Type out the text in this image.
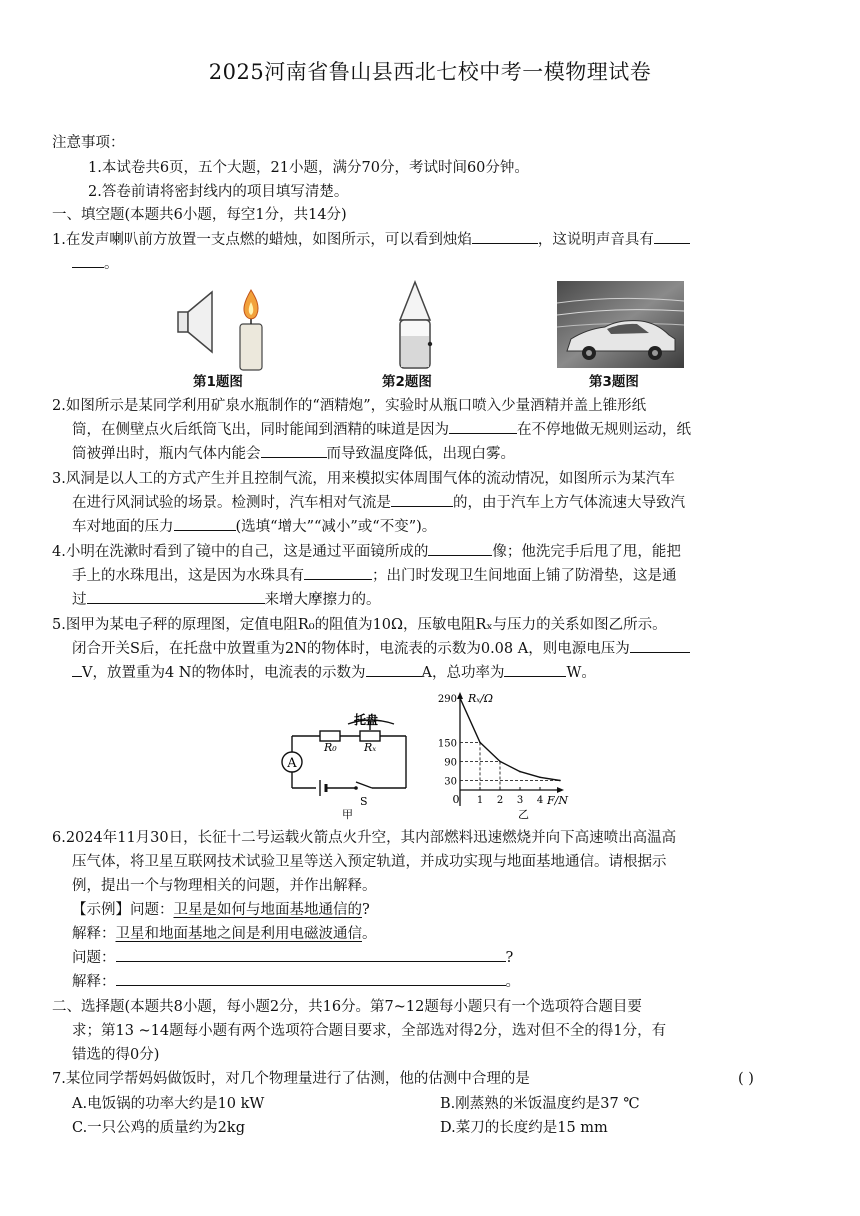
2025河南省鲁山县西北七校中考一模物理试卷
注意事项：
1.本试卷共6页，五个大题，21小题，满分70分，考试时间60分钟。
2.答卷前请将密封线内的项目填写清楚。
一、填空题(本题共6小题，每空1分，共14分)
1.在发声喇叭前方放置一支点燃的蜡烛，如图所示，可以看到烛焰	，这说明声音具有
。
第1题图	第2题图	第3题图
2.如图所示是某同学利用矿泉水瓶制作的“酒精炮”，实验时从瓶口喷入少量酒精并盖上锥形纸
筒，在侧壁点火后纸筒飞出，同时能闻到酒精的味道是因为	在不停地做无规则运动，纸
筒被弹出时，瓶内气体内能会	而导致温度降低，出现白雾。
3.风洞是以人工的方式产生并且控制气流，用来模拟实体周围气体的流动情况，如图所示为某汽车
在进行风洞试验的场景。检测时，汽车相对气流是	的，由于汽车上方气体流速大导致汽
车对地面的压力	(选填“增大”“减小”或“不变”)。
4.小明在洗漱时看到了镜中的自己，这是通过平面镜所成的	像；他洗完手后甩了甩，能把
手上的水珠甩出，这是因为水珠具有	；出门时发现卫生间地面上铺了防滑垫，这是通
过	来增大摩擦力的。
5.图甲为某电子秤的原理图，定值电阻R₀的阻值为10Ω，压敏电阻Rₓ与压力的关系如图乙所示。
闭合开关S后，在托盘中放置重为2N的物体时，电流表的示数为0.08 A，则电源电压为
V，放置重为4 N的物体时，电流表的示数为	A，总功率为	W。
A
R₀ Rₓ
托盘
S
甲
Rₓ/Ω
F/N
0
乙
30
90
150
290
1 2 3 4
6.2024年11月30日，长征十二号运载火箭点火升空，其内部燃料迅速燃烧并向下高速喷出高温高
压气体，将卫星互联网技术试验卫星等送入预定轨道，并成功实现与地面基地通信。请根据示
例，提出一个与物理相关的问题，并作出解释。
【示例】问题：卫星是如何与地面基地通信的?
解释：卫星和地面基地之间是利用电磁波通信。
问题：	?
解释：	。
二、选择题(本题共8小题，每小题2分，共16分。第7~12题每小题只有一个选项符合题目要
求；第13 ~14题每小题有两个选项符合题目要求，全部选对得2分，选对但不全的得1分，有
错选的得0分)
7.某位同学帮妈妈做饭时，对几个物理量进行了估测，他的估测中合理的是	( )
A.电饭锅的功率大约是10 kW	B.刚蒸熟的米饭温度约是37 ℃
C.一只公鸡的质量约为2kg	D.菜刀的长度约是15 mm
